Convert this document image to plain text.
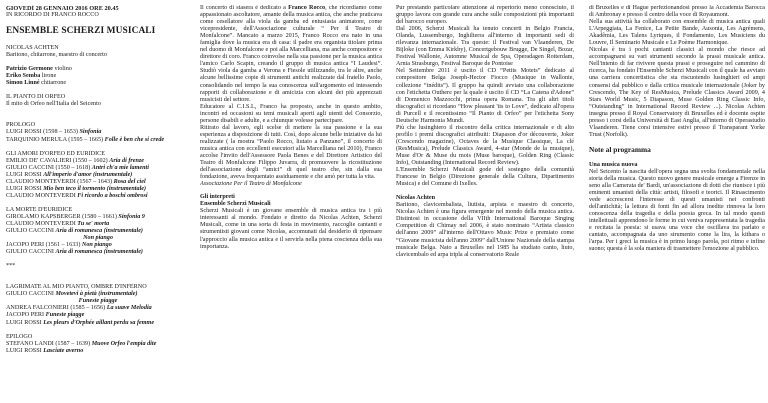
GIOVEDÌ 28 GENNAIO 2016 ORE 20.45

IN RICORDO DI FRANCO ROCCO

ENSEMBLE SCHERZI MUSICALI

NICOLAS ACHTEN

Baritono, chitarrone, maestro di concerto

Patrizio Germone violino

Eriko Semba lirone

Simon Linné chitarrone

IL PIANTO DI ORFEO

Il mito di Orfeo nell'Italia del Seicento

PROLOGO

LUIGI ROSSI (1598 – 1653) Sinfonia

TARQUINIO MERULA (1595 – 1665) Folle è ben che si crede

GLI AMORI D'ORFEO ED EURIDICE

EMILIO DE' CAVALIERI (1550 – 1602) Aria di frenze

GIULIO CACCINI (1550 – 1618) Antri ch'a mie lamenti

LUIGI ROSSI All'imperio d'amor (instrumentale)

CLAUDIO MONTEVERDI (1567 – 1643) Rosa del ciel

LUIGI ROSSI Mio ben teco il tormento (instrumentale)

CLAUDIO MONTEVERDI Fi ricordo a boschi ombrosi

LA MORTE D'EURIDICE

GIROLAMO KAPSBERGER (1580 – 1661) Sinfonia 9

CLAUDIO MONTEVERDI Tu se' morta

GIULIO CACCINI Aria di romanesca (instrumentale)

Non piango

JACOPO PERI (1561 – 1633) Non piango

GIULIO CACCINI Aria di romanesca (instrumentale)

***

LAGRIMATE AL MIO PIANTO, OMBRE D'INFERNO

GIULIO CACCINI Movetevi à pietà (instrumentale)

Funeste piagge

ANDREA FALCONIERI (1585 – 1656) La suave Melodia

JACOPO PERI Funeste piagge

LUIGI ROSSI Les pleurs d'Orphée aillant perdu sa femme

EPILOGO

STEFANO LANDI (1587 – 1639) Muove Orfeo l'empia dite

LUIGI ROSSI Lasciate averno

Il concerto di stasera è dedicato a Franco Rocco, che ricordiamo come appassionato ascoltatore, amante della musica antica, che anche praticava come cesellatore alla viola da gamba ed entusiasta animatore, come vicepresidente, dell'Associazione culturale “ Per il Teatro di Monfalcone”. Mancato a marzo 2015, Franco Rocco era nato in una famiglia dove la musica era di casa: il padre era organista titolare prima nel duomo di Monfalcone e poi alla Marcelliana, ma anche compositore e direttore di coro. Franco coinvolse nella sua passione per la musica antica l'amico Carlo Scapin, creando il gruppo di musica antica “I Laudesi”. Studiò viola da gamba a Verona e Fiesole utilizzando, tra le altre, anche alcune bellissime copie di strumenti antichi realizzate dal fratello Paolo, consolidando nel tempo la sua conoscenza sull'argomento ed intessendo rapporti di collaborazione e di amicizia con alcuni dei più apprezzati musicisti del settore.

Educatore al C.I.S.L, Franco ha proposto, anche in questo ambito, incontri ed occasioni su temi musicali aperti agli utenti del Consorzio, persone disabili e adulte, e a chiunque volesse partecipare.

Ritirato dal lavoro, egli scelse di mettere la sua passione e la sua esperienza a disposizione di tutti. Così, dopo alcune belle iniziative da lui realizzate ( la mostra “Paolo Rocco, liutaio a Panzano”, il concerto di musica antica con eccellenti esecutori alla Marcelliana nel 2010), Franco accolse l'invito dell'Assessore Paola Benes e del Direttore Artistico del Teatro di Monfalcone Filippo Juvarra, di promuovere la ricostituzione dell'associazione degli “amici” di quel teatro che, sin dalla sua fondazione, aveva frequentato assiduamente e che amò per tutta la vita.

Associazione Per il Teatro di Monfalcone

Gli interpreti

Ensemble Scherzi Musicali

Scherzi Musicali è un giovane ensemble di musica antica tra i più interessanti al mondo. Fondato e diretto da Nicolas Achten, Scherzi Musicali, come in una sorta di festa in movimento, raccoglie cantanti e strumentisti giovani come Nicolas, accomunati dal desiderio di ripensare l'approccio alla musica antica e il servirla nella piena coscienza della sua importanza.

Pur prestando particolare attenzione al repertorio meno conosciuto, il gruppo lavora con grande cura anche sulle composizioni più importanti del barocco europeo.

Dal 2006, Scherzi Musicali ha tenuto concerti in Belgio Francia, Olanda, Lussemburgo, Inghilterra all'interno di importanti sedi di rilevanza internazionale. Tra queste: il Festival van Vlaanderen, De Bijloke (con Emma Kirkby), Concertgebouw Brugge, De Singel, Bozar, Festival Wallonie, Automne Musical de Spa, Operadagen Rotterdam, Arnia Strasburgo, Festival Baroque de Pontoise

Nel Settembre 2011 è uscito il CD “Petits Motets” dedicato al compositore Belga Joseph-Hector Fiocco (Musique in Wallonie, collezione “inédits”). Il gruppo ha quindi avviato una collaborazione con l'etichetta Outhere per la quale è uscito il CD “La Catena d'Adone” di Domenico Mazzocchi, prima opera Romana. Tra gli altri titoli discografici si ricordano “How pleasant 'tis to Love”, dedicato all'opera di Purcell e il recentissimo “Il Pianto di Orfeo” per l'etichetta Sony Deutsche Harmonia Mundi.

Più che lusinghiero il riscontro della critica internazionale e di alto profilo i premi discografici attribuiti: Diapason d'or découverte, Joker (Crescendo magazine), Octaves de la Musique Classique, La clé (ResMusica), Prelude Classics Award, 4-star (Monde de la musique), Muse d'Or & Muse du mois (Muse baroque), Golden Ring (Classic Info), Outstanding (International Record Review).

L'Ensemble Scherzi Musicali gode del sostegno della comunità Francese in Belgio (Direzione generale della Cultura, Dipartimento Musica) e del Comune di Ixelles.

Nicolas Achten

Baritono, clavicembalista, liutista, arpista e maestro di concerto, Nicolas Achten è una figura emergente nel mondo della musica antica. Distintosi in occasione della VIIth International Baroque Singing Competition di Chimay nel 2006, è stato nominato “Artista classico dell'anno 2009” all'interno dell'Ottavo Music Prize e premiato come “Giovane musicista dell'anno 2009” dall'Unione Nazionale della stampa musicale Belga. Nato a Bruxelles nel 1985 ha studiato canto, liuto, clavicembalo ed arpa tripla al conservatorio Reale

di Bruxelles e di Hague perfezionandosi presso la Accademia Barocca di Ambronay e presso il centro della voce di Royaumont.

Nella sua attività ha collaborato con ensemble di musica antica quali L'Arpeggiata, La Fenice, La Petite Bande, Ausonia, Les Agrémens, Akadêmia, Les Talens Lyriques, il Fondamento, Les Musiciens du Louvre, Il Seminario Musicale e Le Poème Harmonique.

Nicolas è tra i pochi cantanti classici al mondo che riesce ad accompagnarsi su vari strumenti secondo la prassi musicale antica. Nell'intento di far rivivere questa prassi e proseguire nel cammino di ricerca, ha fondato l'Ensemble Scherzi Musicali con il quale ha avviato una carriera concertistica che sta riscuotendo lusinghieri ed ampi consensi dal pubblico e dalla critica musicale internazionale (Joker by Crescendo, The Key of ResMusica, Prelude Classics Award 2009, 4 Stars World Music, 5 Diapason, Muse Golden Ring Classic Info, “Outstanding” in International Record Review ...). Nicolas Achten insegna presso il Royal Conservatory di Bruxelles ed è docente ospite presso i corsi della Università di East Anglia, all'interno di Operastudio Vlaanderen. Tiene corsi intensive estivi presso il Transparant Yorke Trust (Norfolk).

Note al programma

Una musica nuova

Nel Seicento la nascita dell'opera segna una svolta fondamentale nella storia della musica. Questo nuovo genere musicale emerge a Firenze in seno alla Camerata de' Bardi, un'associazione di dotti che riunisce i più eminenti umanisti della città: artisti, filosofi e teorici. Il Rinascimento vede accrescersi l'interesse di questi umanisti nei confronti dell'antichità; la lettura di fonti fin ad allora inedite rinnova la loro conoscenza della tragedia e della poesia greca. In tal modo questi intellettuali apprendono le forme in cui veniva rappresentata la tragedia e recitata la poesia: si usava una voce che oscillava tra parlato e cantato, accompagnata da uno strumento come la lira, la kithara o l'arpa. Per i greci la musica è in primo luogo parola, poi ritmo e infine suono; questa è la sola maniera di trasmettere l'emozione al pubblico.
